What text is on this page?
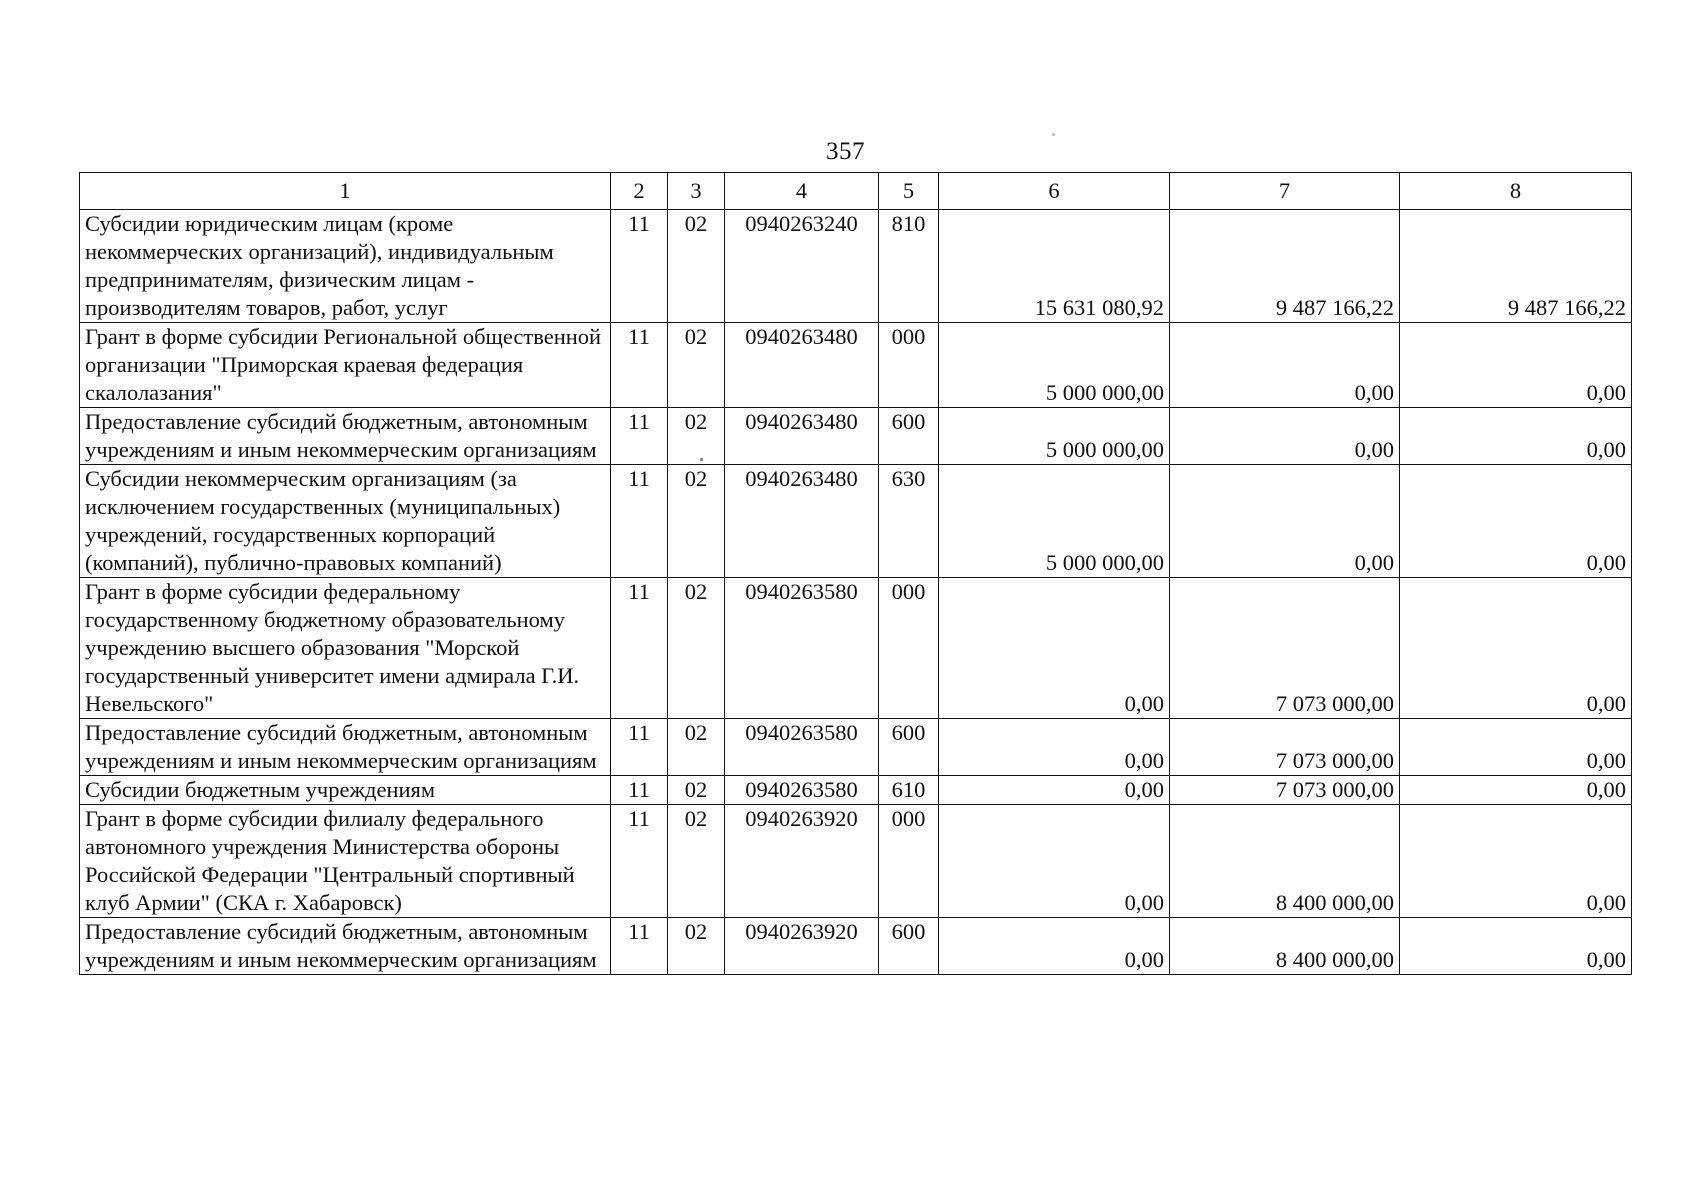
357
1	2	3	4	5	6	7	8
Субсидии юридическим лицам (кроме некоммерческих организаций), индивидуальным предпринимателям, физическим лицам - производителям товаров, работ, услуг	11	02	0940263240	810	15 631 080,92	9 487 166,22	9 487 166,22
Грант в форме субсидии Региональной общественной организации "Приморская краевая федерация скалолазания"	11	02	0940263480	000	5 000 000,00	0,00	0,00
Предоставление субсидий бюджетным, автономным учреждениям и иным некоммерческим организациям	11	02	0940263480	600	5 000 000,00	0,00	0,00
Субсидии некоммерческим организациям (за исключением государственных (муниципальных) учреждений, государственных корпораций (компаний), публично-правовых компаний)	11	02	0940263480	630	5 000 000,00	0,00	0,00
Грант в форме субсидии федеральному государственному бюджетному образовательному учреждению высшего образования "Морской государственный университет имени адмирала Г.И. Невельского"	11	02	0940263580	000	0,00	7 073 000,00	0,00
Предоставление субсидий бюджетным, автономным учреждениям и иным некоммерческим организациям	11	02	0940263580	600	0,00	7 073 000,00	0,00
Субсидии бюджетным учреждениям	11	02	0940263580	610	0,00	7 073 000,00	0,00
Грант в форме субсидии филиалу федерального автономного учреждения Министерства обороны Российской Федерации "Центральный спортивный клуб Армии" (СКА г. Хабаровск)	11	02	0940263920	000	0,00	8 400 000,00	0,00
Предоставление субсидий бюджетным, автономным учреждениям и иным некоммерческим организациям	11	02	0940263920	600	0,00	8 400 000,00	0,00
